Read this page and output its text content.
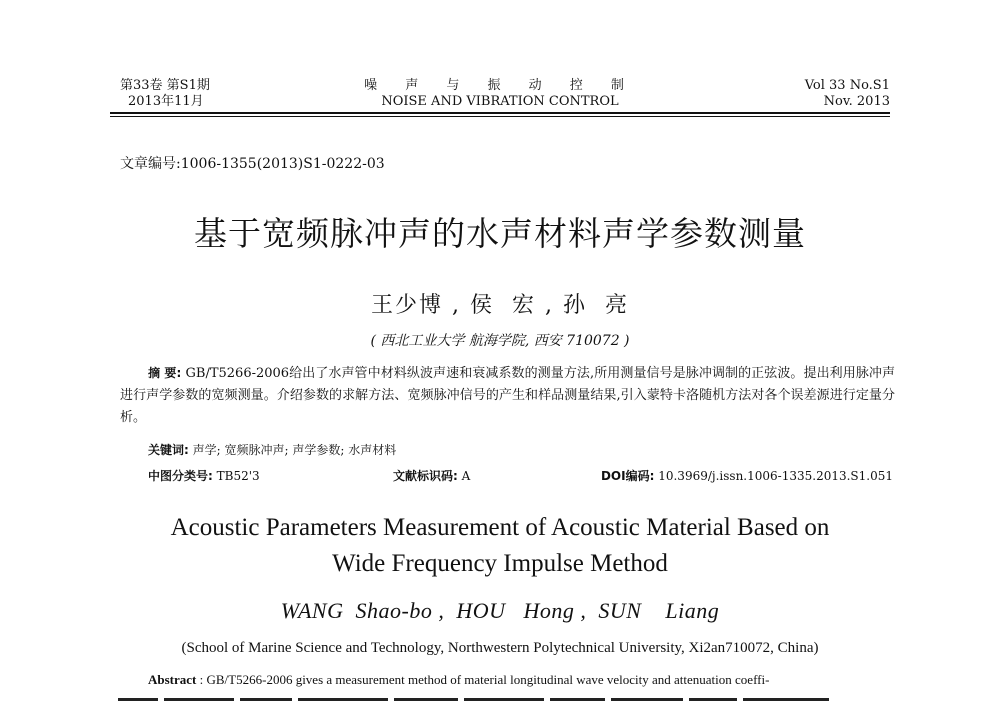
第33卷 第S1期
2013年11月
噪 声 与 振 动 控 制
NOISE AND VIBRATION CONTROL
Vol 33 No.S1
Nov. 2013
文章编号:1006-1355(2013)S1-0222-03
基于宽频脉冲声的水声材料声学参数测量
王少博 , 侯  宏 , 孙  亮
( 西北工业大学 航海学院, 西安 710072 )
摘 要: GB/T5266-2006给出了水声管中材料纵波声速和衰减系数的测量方法,所用测量信号是脉冲调制的正弦波。提出利用脉冲声进行声学参数的宽频测量。介绍参数的求解方法、宽频脉冲信号的产生和样品测量结果,引入蒙特卡洛随机方法对各个误差源进行定量分析。
关键词: 声学; 宽频脉冲声; 声学参数; 水声材料
中图分类号: TB52'3	文献标识码: A	DOI编码: 10.3969/j.issn.1006-1335.2013.S1.051
Acoustic Parameters Measurement of Acoustic Material Based on
Wide Frequency Impulse Method
WANG  Shao-bo ,  HOU   Hong ,  SUN    Liang
(School of Marine Science and Technology, Northwestern Polytechnical University, Xi2an710072, China)
Abstract : GB/T5266-2006 gives a measurement method of material longitudinal wave velocity and attenuation coeffi-
